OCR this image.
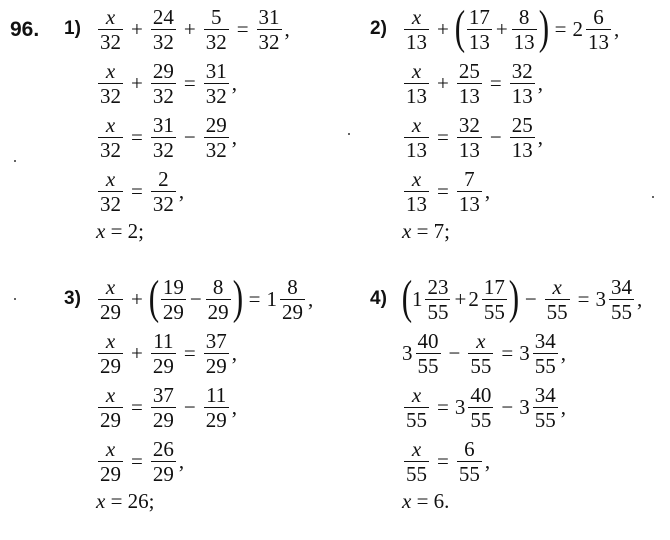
96. $1) \frac{x}{32} + \frac{24}{32} + \frac{5}{32} = \frac{31}{32}$ ,
$\frac{x}{32} + \frac{29}{32} = \frac{31}{32}$ ,
$\frac{x}{32} = \frac{31}{32} - \frac{29}{32}$ ,
$\frac{x}{32} = \frac{2}{32}$ ,
x = 2;
$2) \frac{x}{13}$ + ( $\frac{17}{13} + \frac{8}{13}$ ) = $2 \frac{6}{13}$ ,
$\frac{x}{13} + \frac{25}{13} = \frac{32}{13}$ ,
$\frac{x}{13} = \frac{32}{13} - \frac{25}{13}$ ,
$\frac{x}{13} = \frac{7}{13}$ ,
x = 7;
$3) \frac{x}{29}$ + ( $\frac{19}{29} - \frac{8}{29}$ ) = $1 \frac{8}{29}$ ,
$\frac{x}{29} + \frac{11}{29} = \frac{37}{29}$ ,
$\frac{x}{29} = \frac{37}{29} - \frac{11}{29}$ ,
$\frac{x}{29} = \frac{26}{29}$ ,
x = 26;
4) ( $1 \frac{23}{55} + 2 \frac{17}{55}$ ) − $\frac{x}{55} = 3 \frac{34}{55}$ ,
$3 \frac{40}{55} - \frac{x}{55} = 3 \frac{34}{55}$ ,
$\frac{x}{55} = 3 \frac{40}{55} - 3 \frac{34}{55}$ ,
$\frac{x}{55} = \frac{6}{55}$ ,
x = 6.
